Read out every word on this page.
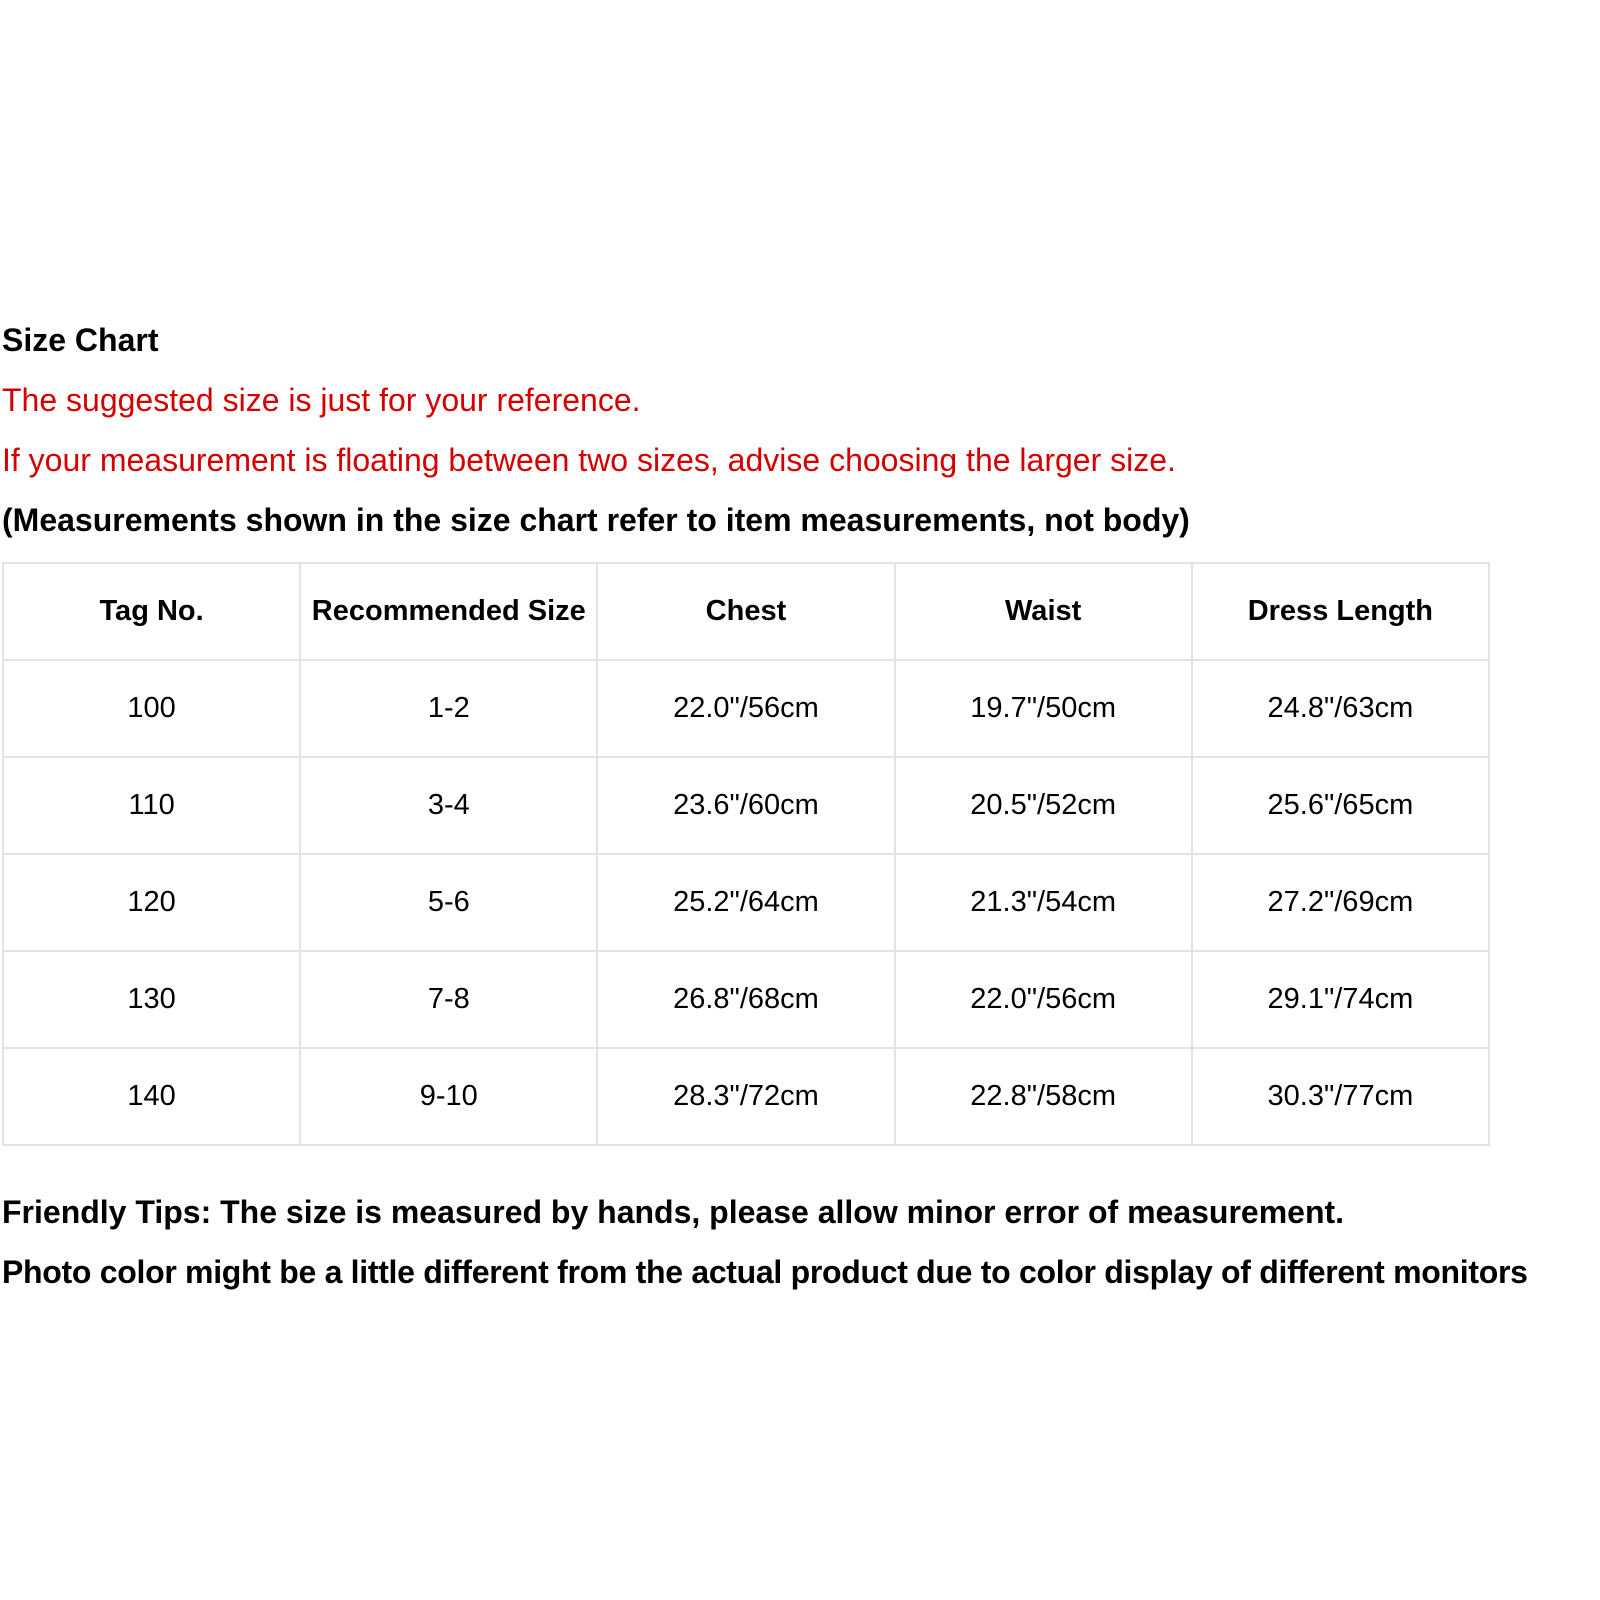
Size Chart
The suggested size is just for your reference.
If your measurement is floating between two sizes, advise choosing the larger size.
(Measurements shown in the size chart refer to item measurements, not body)
Tag No.	Recommended Size	Chest	Waist	Dress Length
100	1-2	22.0"/56cm	19.7"/50cm	24.8"/63cm
110	3-4	23.6"/60cm	20.5"/52cm	25.6"/65cm
120	5-6	25.2"/64cm	21.3"/54cm	27.2"/69cm
130	7-8	26.8"/68cm	22.0"/56cm	29.1"/74cm
140	9-10	28.3"/72cm	22.8"/58cm	30.3"/77cm
Friendly Tips: The size is measured by hands, please allow minor error of measurement.
Photo color might be a little different from the actual product due to color display of different monitors
